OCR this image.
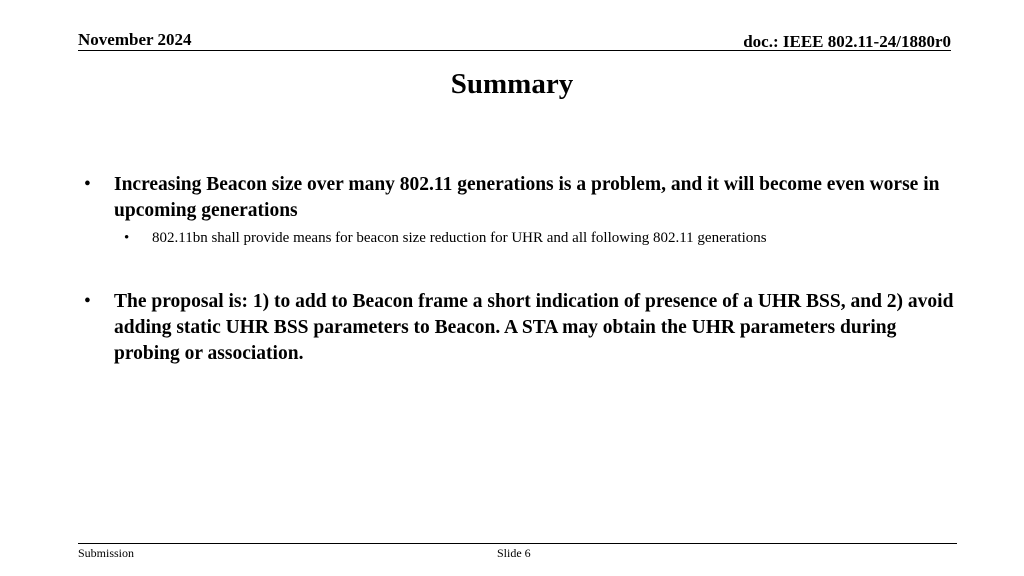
November 2024	doc.: IEEE 802.11-24/1880r0
Summary
• Increasing Beacon size over many 802.11 generations is a problem, and it will become even worse in upcoming generations
• 802.11bn shall provide means for beacon size reduction for UHR and all following 802.11 generations
• The proposal is: 1) to add to Beacon frame a short indication of presence of a UHR BSS, and 2) avoid adding static UHR BSS parameters to Beacon. A STA may obtain the UHR parameters during probing or association.
Submission	Slide 6
